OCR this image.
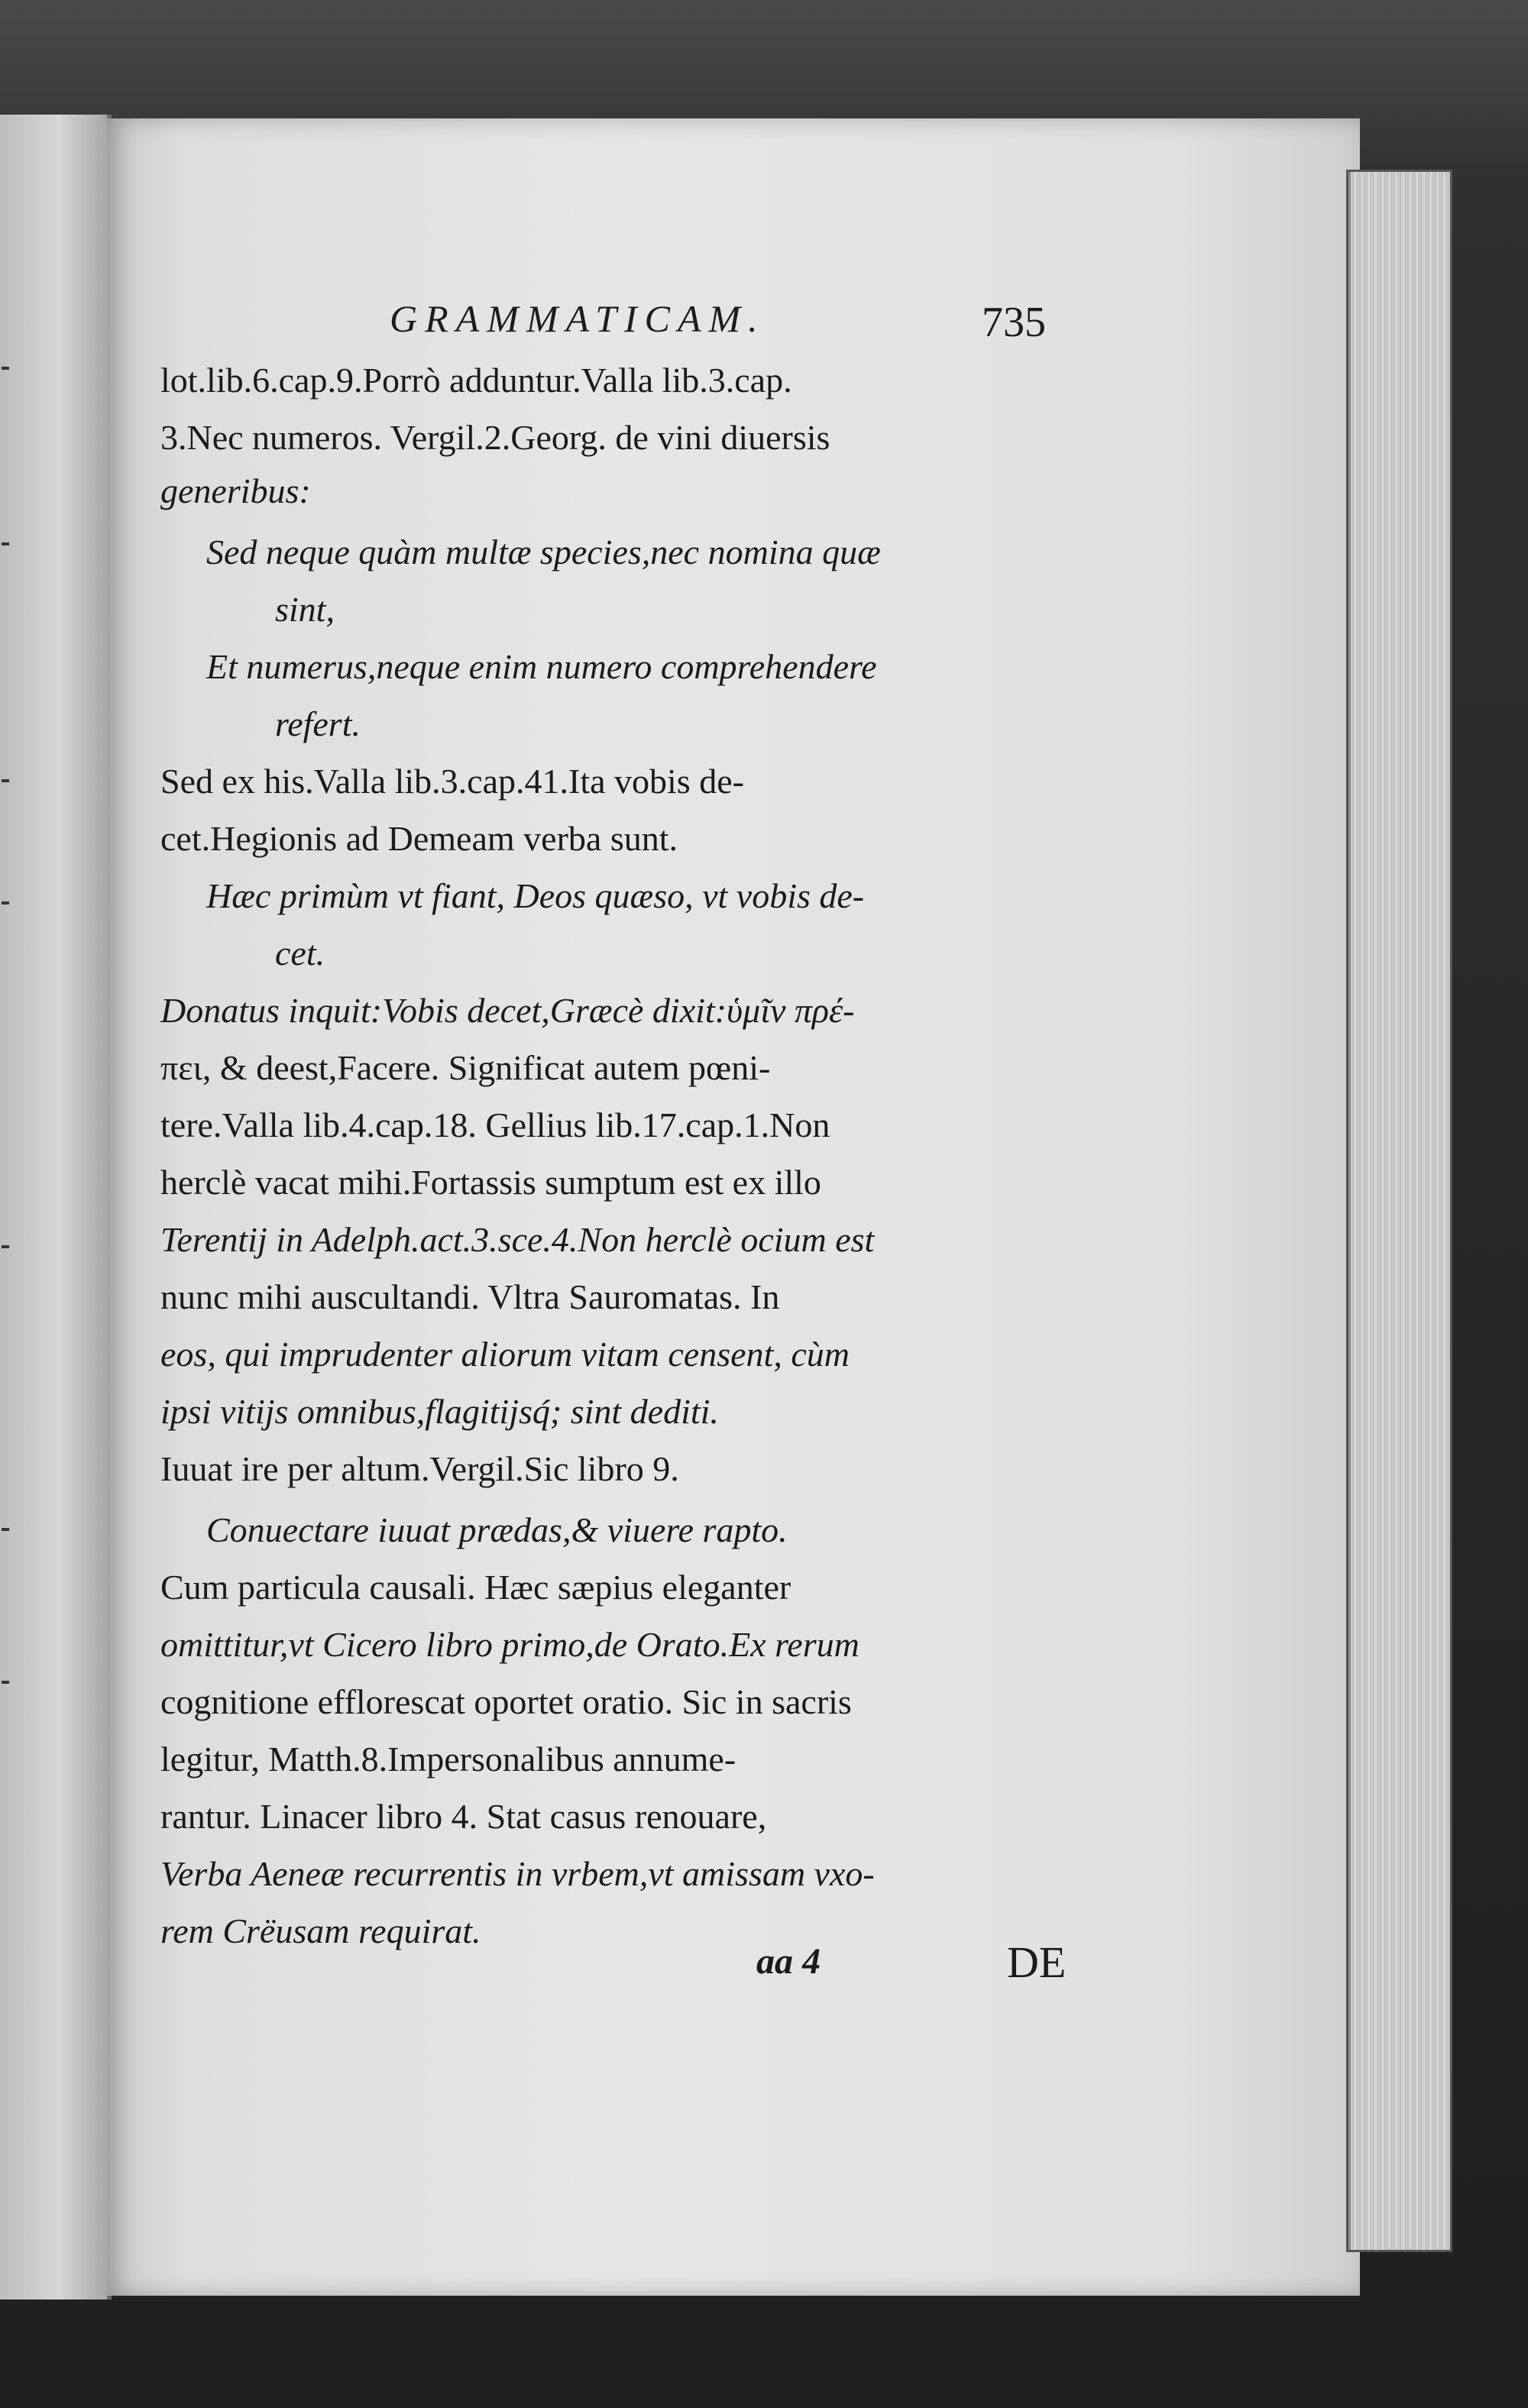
GRAMMATICAM.	735
lot.lib.6.cap.9.Porrò adduntur.Valla lib.3.cap.
3.Nec numeros. Vergil.2.Georg. de vini diuersis
generibus:
Sed neque quàm multæ species,nec nomina quæ
sint,
Et numerus,neque enim numero comprehendere
refert.
Sed ex his.Valla lib.3.cap.41.Ita vobis de-
cet.Hegionis ad Demeam verba sunt.
Hæc primùm vt fiant, Deos quæso, vt vobis de-
cet.
Donatus inquit:Vobis decet,Græcè dixit:ὑμῖν πρέ-
πει, & deest,Facere. Significat autem pœni-
tere.Valla lib.4.cap.18. Gellius lib.17.cap.1.Non
herclè vacat mihi.Fortassis sumptum est ex illo
Terentij in Adelph.act.3.sce.4.Non herclè ocium est
nunc mihi auscultandi. Vltra Sauromatas. In
eos, qui imprudenter aliorum vitam censent, cùm
ipsi vitijs omnibus,flagitijsq́; sint dediti.
Iuuat ire per altum.Vergil.Sic libro 9.
Conuectare iuuat prædas,& viuere rapto.
Cum particula causali. Hæc sæpius eleganter
omittitur,vt Cicero libro primo,de Orato.Ex rerum
cognitione efflorescat oportet oratio. Sic in sacris
legitur, Matth.8.Impersonalibus annume-
rantur. Linacer libro 4. Stat casus renouare,
Verba Aeneæ recurrentis in vrbem,vt amissam vxo-
rem Crëusam requirat.
aa 4	DE
